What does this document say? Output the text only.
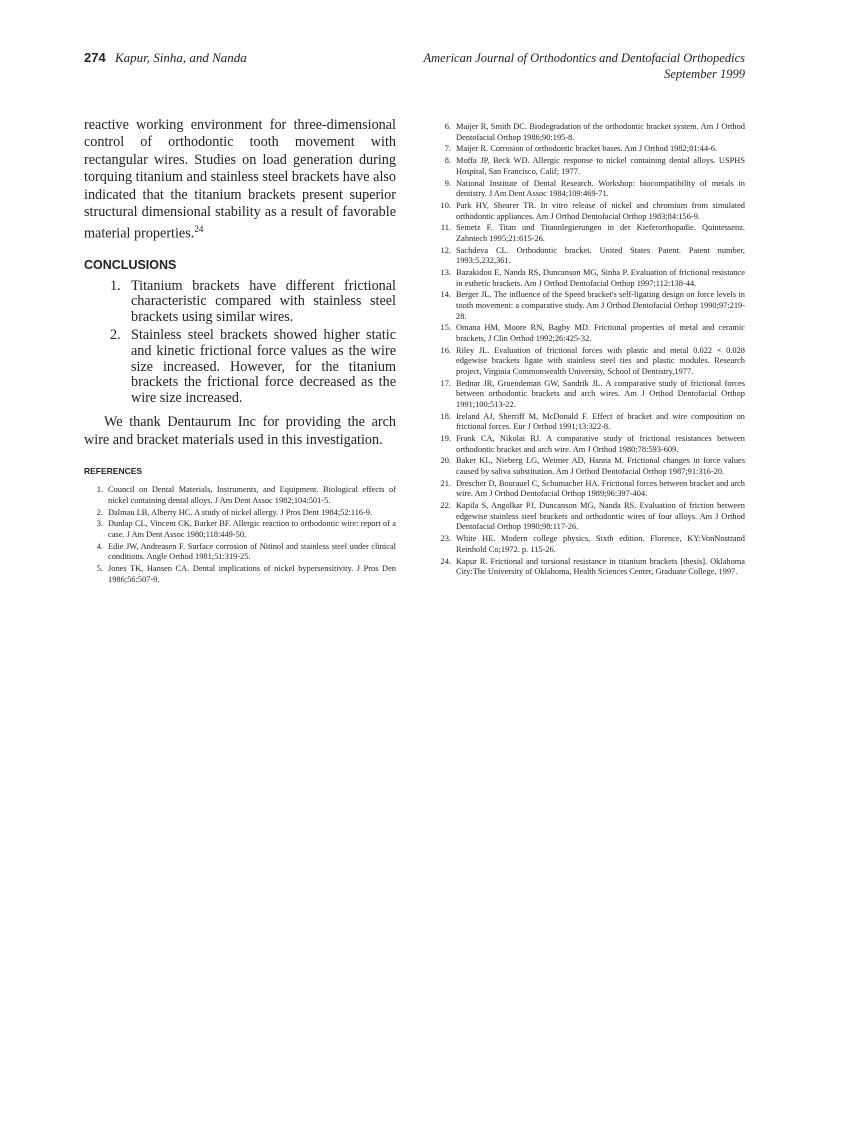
274 Kapur, Sinha, and Nanda	American Journal of Orthodontics and Dentofacial Orthopedics
September 1999

reactive working environment for three-dimensional control of orthodontic tooth movement with rectangular wires. Studies on load generation during torquing titanium and stainless steel brackets have also indicated that the titanium brackets present superior structural dimensional stability as a result of favorable material properties.$^{24}$

CONCLUSIONS
1. Titanium brackets have different frictional characteristic compared with stainless steel brackets using similar wires.
2. Stainless steel brackets showed higher static and kinetic frictional force values as the wire size increased. However, for the titanium brackets the frictional force decreased as the wire size increased.

We thank Dentaurum Inc for providing the arch wire and bracket materials used in this investigation.

REFERENCES
1. Council on Dental Materials, Instruments, and Equipment. Biological effects of nickel containing dental alloys. J Am Dent Assoc 1982;104:501-5.
2. Dalmau LB, Alberty HC. A study of nickel allergy. J Pros Dent 1984;52:116-9.
3. Dunlap CL, Vincent CK, Barker BF. Allergic reaction to orthodontic wire: report of a case. J Am Dent Assoc 1980;118:449-50.
4. Edie JW, Andreasen F. Surface corrosion of Nitinol and stainless steel under clinical conditions. Angle Orthod 1981;51:319-25.
5. Jones TK, Hansen CA. Dental implications of nickel hypersensitivity. J Pros Den 1986;56:507-9.
6. Maijer R, Smith DC. Biodegradation of the orthodontic bracket system. Am J Orthod Dentofacial Orthop 1986;90:195-8.
7. Maijer R. Corrosion of orthodontic bracket bases. Am J Orthod 1982;81:44-6.
8. Moffa JP, Beck WD. Allergic response to nickel containing dental alloys. USPHS Hospital, San Francisco, Calif; 1977.
9. National Institute of Dental Research. Workshop: biocompatibility of metals in dentistry. J Am Dent Assoc 1984;109:469-71.
10. Park HY, Shearer TR. In vitro release of nickel and chromium from simulated orthodontic appliances. Am J Orthod Dentofacial Orthop 1983;84:156-9.
11. Semetz F. Titan und Titannlegierungen in der Kieferorthopadie. Quintessenz. Zahntech 1995;21:615-26.
12. Sachdeva CL. Orthodontic bracket. United States Patent. Patent number, 1993:5,232,361.
13. Bazakidou E, Nanda RS, Duncanson MG, Sinha P. Evaluation of frictional resistance in esthetic brackets. Am J Orthod Dentofacial Orthop 1997;112:138-44.
14. Berger JL. The influence of the Speed bracket's self-ligating design on force levels in tooth movement: a comparative study. Am J Orthod Dentofacial Orthop 1990;97:219-28.
15. Omana HM, Moore RN, Bagby MD. Frictional properties of metal and ceramic brackets, J Clin Orthod 1992;26:425-32.
16. Riley JL. Evaluation of frictional forces with plastic and metal 0.022 × 0.028 edgewise brackets ligate with stainless steel ties and plastic modules. Research project, Virginia Commonwealth University, School of Dentistry,1977.
17. Bednar JR, Gruendeman GW, Sandrik JL. A comparative study of frictional forces between orthodontic brackets and arch wires. Am J Orthod Dentofacial Orthop 1991;100:513-22.
18. Ireland AJ, Sherriff M, McDonald F. Effect of bracket and wire composition on frictional forces. Eur J Orthod 1991;13:322-8.
19. Frank CA, Nikolai RJ. A comparative study of frictional resistances between orthodontic bracket and arch wire. Am J Orthod 1980;78:593-609.
20. Baker KL, Nieberg LG, Weimer AD, Hanna M. Frictional changes in force values caused by saliva substitution. Am J Orthod Dentofacial Orthop 1987;91:316-20.
21. Drescher D, Bourauel C, Schumacher HA. Frictional forces between bracket and arch wire. Am J Orthod Dentofacial Orthop 1989;96:397-404.
22. Kapila S, Angolkar PJ, Duncanson MG, Nanda RS. Evaluation of friction between edgewise stainless steel brackets and orthodontic wires of four alloys. Am J Orthod Dentofacial Orthop 1990;98:117-26.
23. White HE. Modern college physics, Sixth edition. Florence, KY:VonNostrand Reinhold Co;1972. p. 115-26.
24. Kapur R. Frictional and torsional resistance in titanium brackets [thesis]. Oklahoma City:The University of Oklahoma, Health Sciences Center, Graduate College, 1997.
